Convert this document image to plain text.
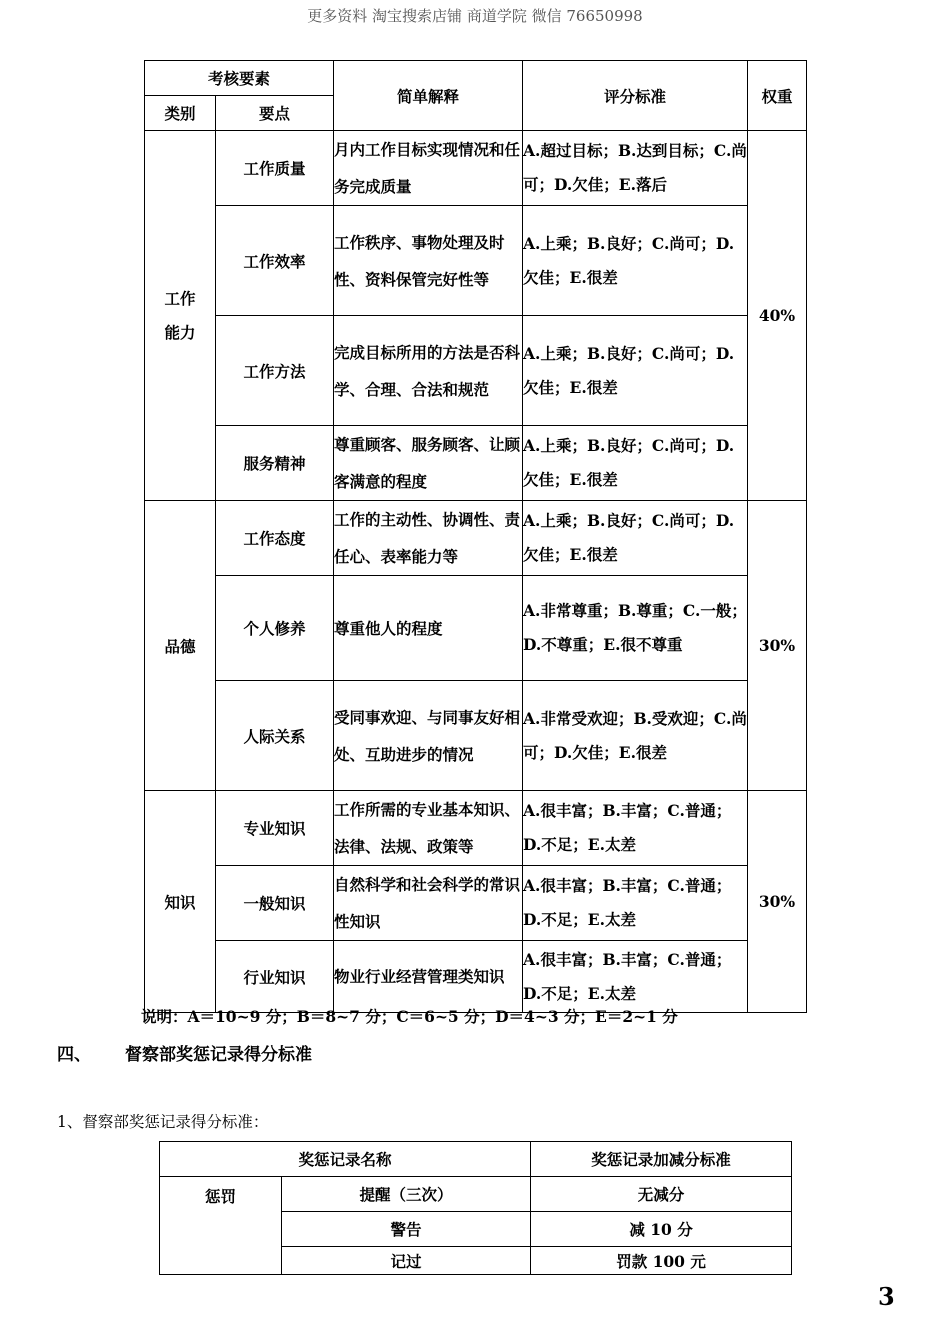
更多资料 淘宝搜索店铺 商道学院 微信 76650998
考核要素		简单解释	评分标准	权重
类别	要点			
工作
能力	工作质量	月内工作目标实现情况和任务完成质量	A.超过目标；B.达到目标；C.尚可；D.欠佳；E.落后	40%
	工作效率	工作秩序、事物处理及时性、资料保管完好性等	A.上乘；B.良好；C.尚可；D.欠佳；E.很差	
	工作方法	完成目标所用的方法是否科学、合理、合法和规范	A.上乘；B.良好；C.尚可；D.欠佳；E.很差	
	服务精神	尊重顾客、服务顾客、让顾客满意的程度	A.上乘；B.良好；C.尚可；D.欠佳；E.很差	
品德	工作态度	工作的主动性、协调性、责任心、表率能力等	A.上乘；B.良好；C.尚可；D.欠佳；E.很差	30%
	个人修养	尊重他人的程度	A.非常尊重；B.尊重；C.一般；D.不尊重；E.很不尊重	
	人际关系	受同事欢迎、与同事友好相处、互助进步的情况	A.非常受欢迎；B.受欢迎；C.尚可；D.欠佳；E.很差	
知识	专业知识	工作所需的专业基本知识、法律、法规、政策等	A.很丰富；B.丰富；C.普通；D.不足；E.太差	30%
	一般知识	自然科学和社会科学的常识性知识	A.很丰富；B.丰富；C.普通；D.不足；E.太差	
	行业知识	物业行业经营管理类知识	A.很丰富；B.丰富；C.普通；D.不足；E.太差	
说明：A＝10~9 分；B＝8~7 分；C＝6~5 分；D＝4~3 分；E＝2~1 分
四、 督察部奖惩记录得分标准
1、督察部奖惩记录得分标准：
奖惩记录名称		奖惩记录加减分标准
惩罚	提醒（三次）	无减分
	警告	减 10 分
	记过	罚款 100 元
3
